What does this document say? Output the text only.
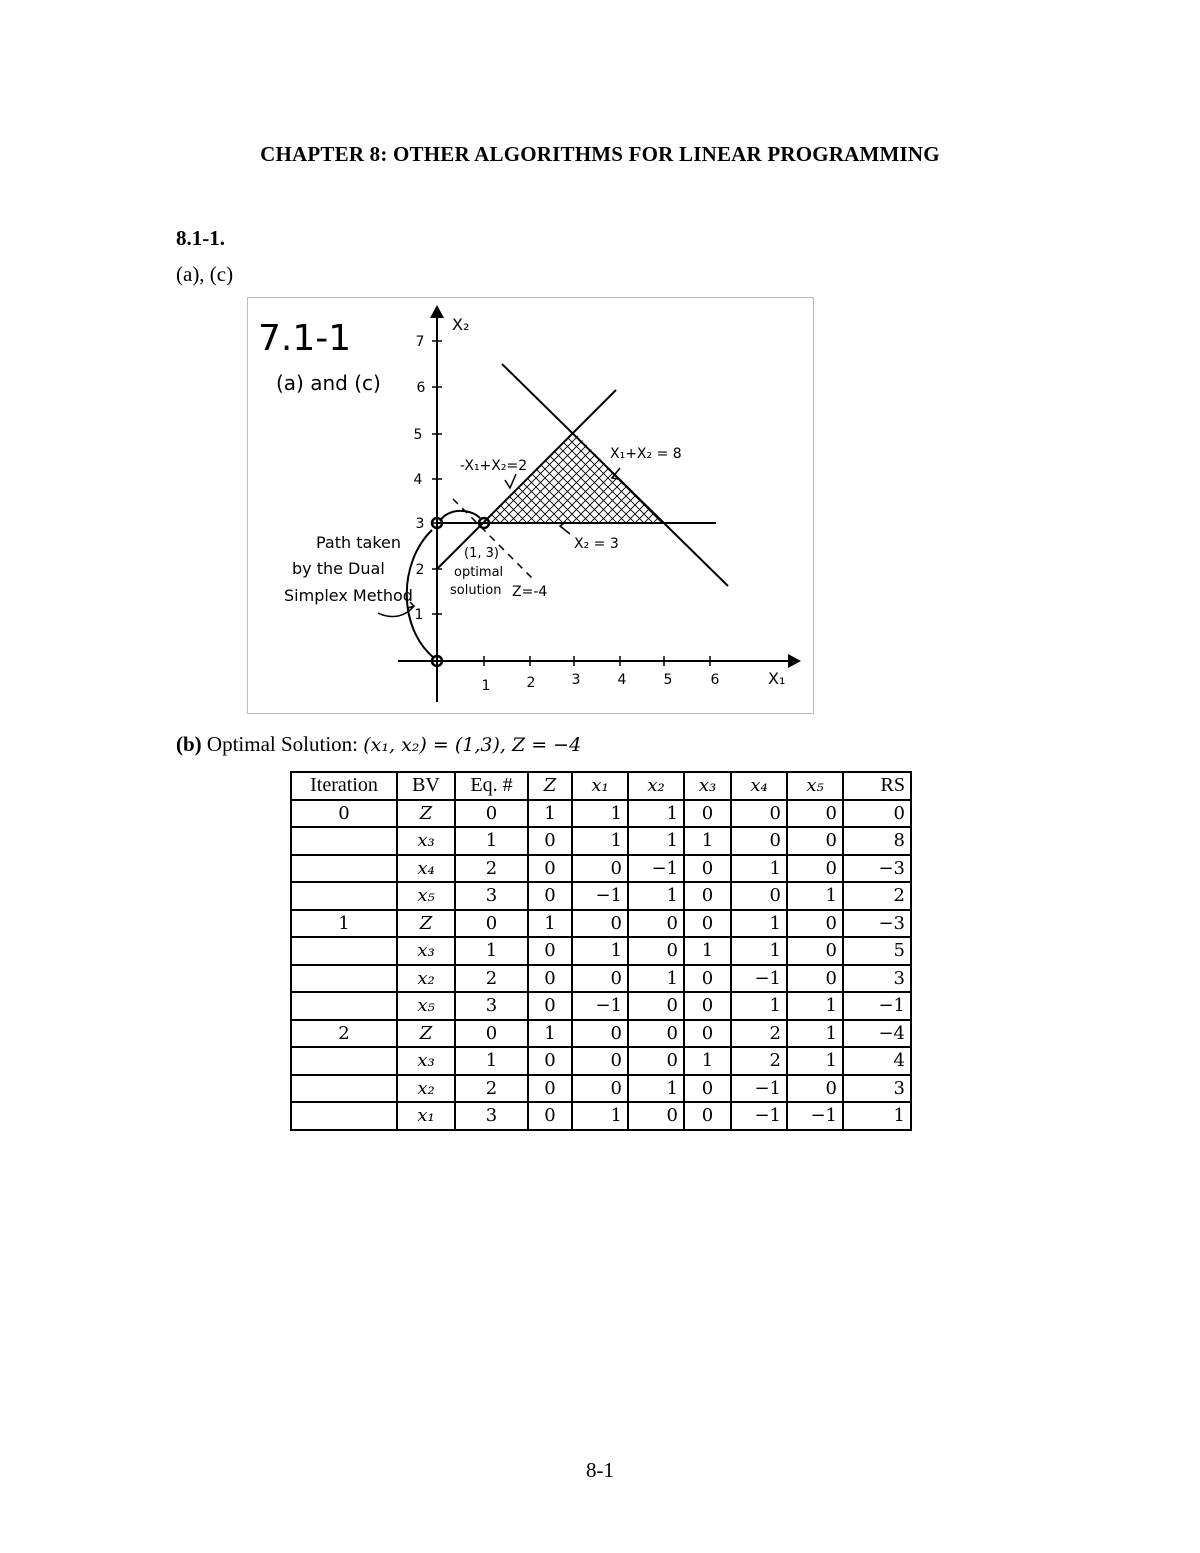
CHAPTER 8: OTHER ALGORITHMS FOR LINEAR PROGRAMMING
8.1-1.
(a), (c)
1	2	3	4	5	6
1
2
3
4
5
6
7
7.1-1
(a) and (c)
X₂
X₁
-X₁+X₂=2
X₁+X₂ = 8
X₂ = 3
(1, 3)
optimal
solution Z=-4
Path taken
by the Dual
Simplex Method
(b) Optimal Solution: (x₁, x₂) = (1,3), Z = −4
Iteration	BV	Eq. #	Z	x₁	x₂	x₃	x₄	x₅	RS
0	Z	0	1	1	1	0	0	0	0
	x₃	1	0	1	1	1	0	0	8
	x₄	2	0	0	−1	0	1	0	−3
	x₅	3	0	−1	1	0	0	1	2
1	Z	0	1	0	0	0	1	0	−3
	x₃	1	0	1	0	1	1	0	5
	x₂	2	0	0	1	0	−1	0	3
	x₅	3	0	−1	0	0	1	1	−1
2	Z	0	1	0	0	0	2	1	−4
	x₃	1	0	0	0	1	2	1	4
	x₂	2	0	0	1	0	−1	0	3
	x₁	3	0	1	0	0	−1	−1	1
8-1
